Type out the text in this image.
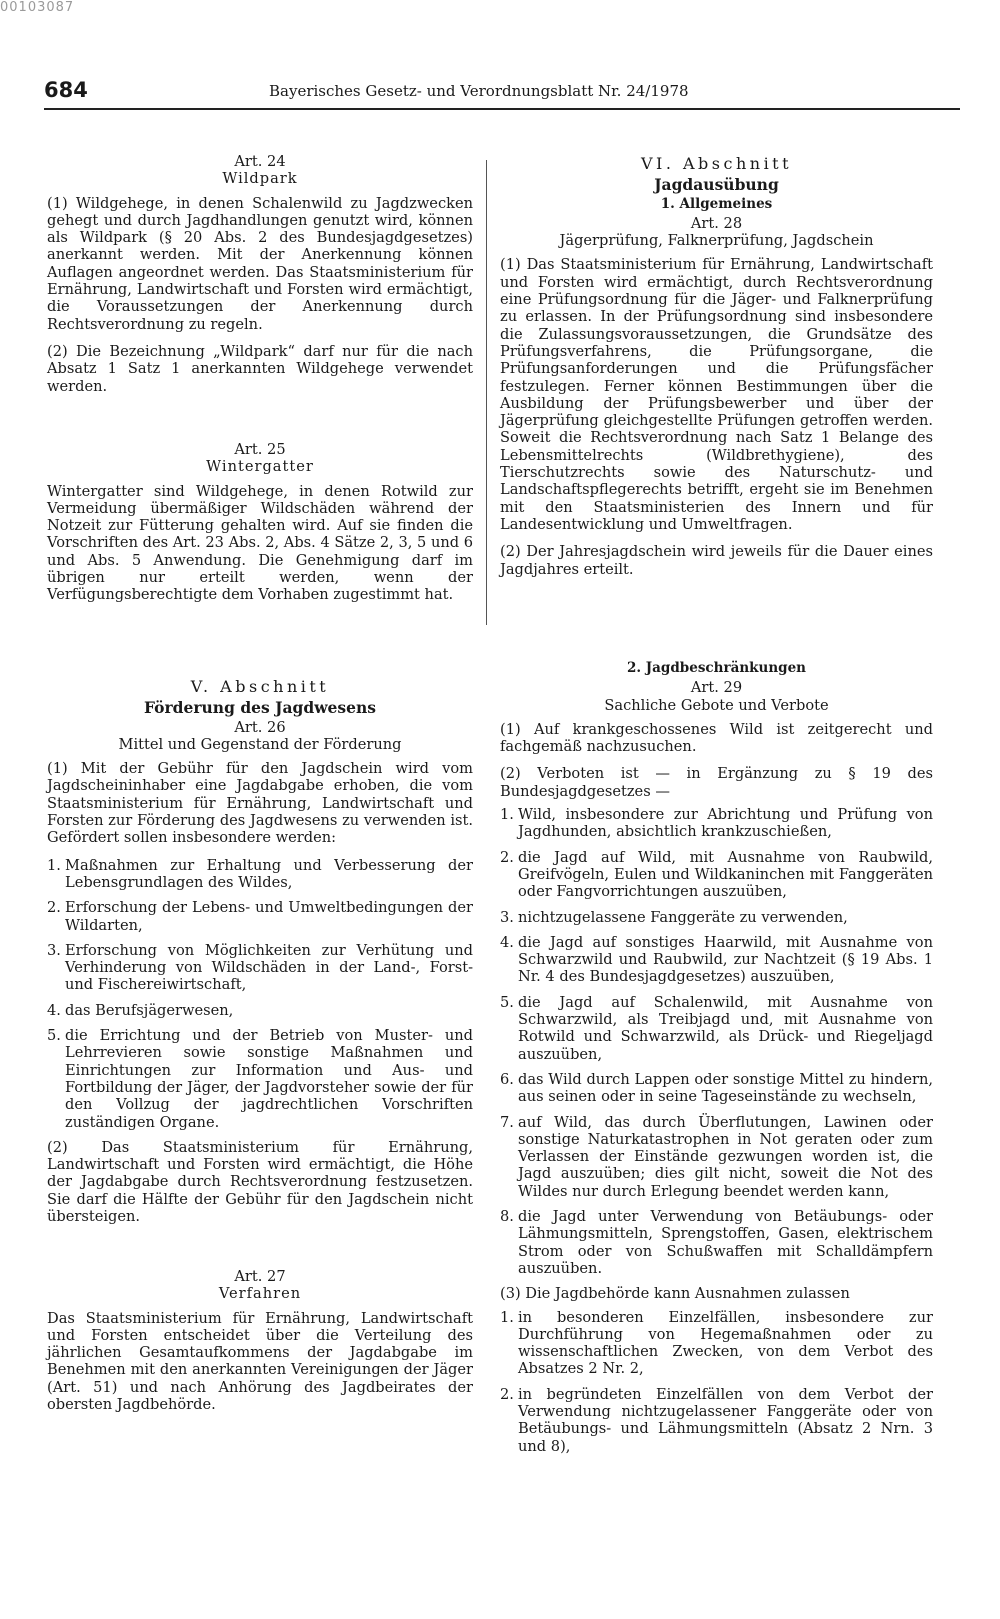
00103087
684	Bayerisches Gesetz- und Verordnungsblatt Nr. 24/1978
Art. 24
Wildpark

(1) Wildgehege, in denen Schalenwild zu Jagdzwecken gehegt und durch Jagdhandlungen genutzt wird, können als Wildpark (§ 20 Abs. 2 des Bundesjagdgesetzes) anerkannt werden. Mit der Anerkennung können Auflagen angeordnet werden. Das Staatsministerium für Ernährung, Landwirtschaft und Forsten wird ermächtigt, die Voraussetzungen der Anerkennung durch Rechtsverordnung zu regeln.

(2) Die Bezeichnung „Wildpark“ darf nur für die nach Absatz 1 Satz 1 anerkannten Wildgehege verwendet werden.

Art. 25
Wintergatter

Wintergatter sind Wildgehege, in denen Rotwild zur Vermeidung übermäßiger Wildschäden während der Notzeit zur Fütterung gehalten wird. Auf sie finden die Vorschriften des Art. 23 Abs. 2, Abs. 4 Sätze 2, 3, 5 und 6 und Abs. 5 Anwendung. Die Genehmigung darf im übrigen nur erteilt werden, wenn der Verfügungsberechtigte dem Vorhaben zugestimmt hat.

V. Abschnitt
Förderung des Jagdwesens
Art. 26
Mittel und Gegenstand der Förderung

(1) Mit der Gebühr für den Jagdschein wird vom Jagdscheininhaber eine Jagdabgabe erhoben, die vom Staatsministerium für Ernährung, Landwirtschaft und Forsten zur Förderung des Jagdwesens zu verwenden ist. Gefördert sollen insbesondere werden:

1. Maßnahmen zur Erhaltung und Verbesserung der Lebensgrundlagen des Wildes,
2. Erforschung der Lebens- und Umweltbedingungen der Wildarten,
3. Erforschung von Möglichkeiten zur Verhütung und Verhinderung von Wildschäden in der Land-, Forst- und Fischereiwirtschaft,
4. das Berufsjägerwesen,
5. die Errichtung und der Betrieb von Muster- und Lehrrevieren sowie sonstige Maßnahmen und Einrichtungen zur Information und Aus- und Fortbildung der Jäger, der Jagdvorsteher sowie der für den Vollzug der jagdrechtlichen Vorschriften zuständigen Organe.

(2) Das Staatsministerium für Ernährung, Landwirtschaft und Forsten wird ermächtigt, die Höhe der Jagdabgabe durch Rechtsverordnung festzusetzen. Sie darf die Hälfte der Gebühr für den Jagdschein nicht übersteigen.

Art. 27
Verfahren

Das Staatsministerium für Ernährung, Landwirtschaft und Forsten entscheidet über die Verteilung des jährlichen Gesamtaufkommens der Jagdabgabe im Benehmen mit den anerkannten Vereinigungen der Jäger (Art. 51) und nach Anhörung des Jagdbeirates der obersten Jagdbehörde.

VI. Abschnitt
Jagdausübung
1. Allgemeines
Art. 28
Jägerprüfung, Falknerprüfung, Jagdschein

(1) Das Staatsministerium für Ernährung, Landwirtschaft und Forsten wird ermächtigt, durch Rechtsverordnung eine Prüfungsordnung für die Jäger- und Falknerprüfung zu erlassen. In der Prüfungsordnung sind insbesondere die Zulassungsvoraussetzungen, die Grundsätze des Prüfungsverfahrens, die Prüfungsorgane, die Prüfungsanforderungen und die Prüfungsfächer festzulegen. Ferner können Bestimmungen über die Ausbildung der Prüfungsbewerber und über der Jägerprüfung gleichgestellte Prüfungen getroffen werden. Soweit die Rechtsverordnung nach Satz 1 Belange des Lebensmittelrechts (Wildbrethygiene), des Tierschutzrechts sowie des Naturschutz- und Landschaftspflegerechts betrifft, ergeht sie im Benehmen mit den Staatsministerien des Innern und für Landesentwicklung und Umweltfragen.

(2) Der Jahresjagdschein wird jeweils für die Dauer eines Jagdjahres erteilt.

2. Jagdbeschränkungen
Art. 29
Sachliche Gebote und Verbote

(1) Auf krankgeschossenes Wild ist zeitgerecht und fachgemäß nachzusuchen.

(2) Verboten ist — in Ergänzung zu § 19 des Bundesjagdgesetzes —

1. Wild, insbesondere zur Abrichtung und Prüfung von Jagdhunden, absichtlich krankzuschießen,
2. die Jagd auf Wild, mit Ausnahme von Raubwild, Greifvögeln, Eulen und Wildkaninchen mit Fanggeräten oder Fangvorrichtungen auszuüben,
3. nichtzugelassene Fanggeräte zu verwenden,
4. die Jagd auf sonstiges Haarwild, mit Ausnahme von Schwarzwild und Raubwild, zur Nachtzeit (§ 19 Abs. 1 Nr. 4 des Bundesjagdgesetzes) auszuüben,
5. die Jagd auf Schalenwild, mit Ausnahme von Schwarzwild, als Treibjagd und, mit Ausnahme von Rotwild und Schwarzwild, als Drück- und Riegeljagd auszuüben,
6. das Wild durch Lappen oder sonstige Mittel zu hindern, aus seinen oder in seine Tageseinstände zu wechseln,
7. auf Wild, das durch Überflutungen, Lawinen oder sonstige Naturkatastrophen in Not geraten oder zum Verlassen der Einstände gezwungen worden ist, die Jagd auszuüben; dies gilt nicht, soweit die Not des Wildes nur durch Erlegung beendet werden kann,
8. die Jagd unter Verwendung von Betäubungs- oder Lähmungsmitteln, Sprengstoffen, Gasen, elektrischem Strom oder von Schußwaffen mit Schalldämpfern auszuüben.

(3) Die Jagdbehörde kann Ausnahmen zulassen

1. in besonderen Einzelfällen, insbesondere zur Durchführung von Hegemaßnahmen oder zu wissenschaftlichen Zwecken, von dem Verbot des Absatzes 2 Nr. 2,
2. in begründeten Einzelfällen von dem Verbot der Verwendung nichtzugelassener Fanggeräte oder von Betäubungs- und Lähmungsmitteln (Absatz 2 Nrn. 3 und 8),
